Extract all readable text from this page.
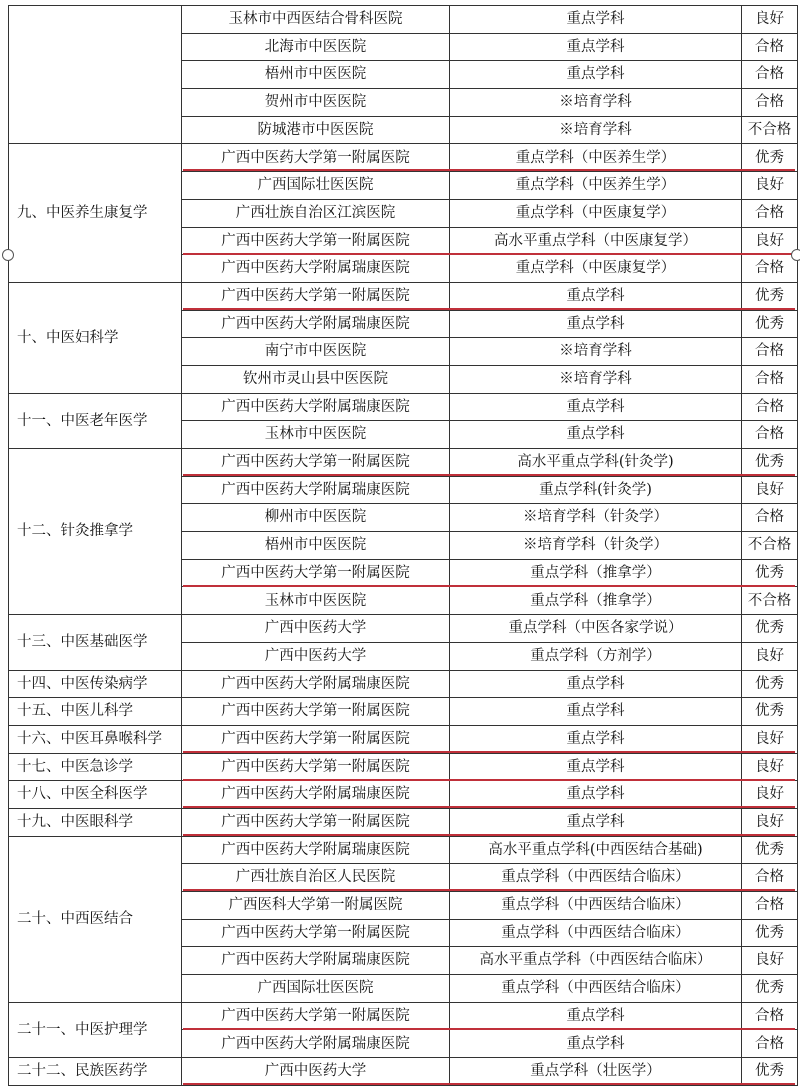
	玉林市中西医结合骨科医院	重点学科	良好
	北海市中医医院	重点学科	合格
	梧州市中医医院	重点学科	合格
	贺州市中医医院	※培育学科	合格
	防城港市中医医院	※培育学科	不合格
九、中医养生康复学	广西中医药大学第一附属医院	重点学科（中医养生学）	优秀
	广西国际壮医医院	重点学科（中医养生学）	良好
	广西壮族自治区江滨医院	重点学科（中医康复学）	合格
	广西中医药大学第一附属医院	高水平重点学科（中医康复学）	良好
	广西中医药大学附属瑞康医院	重点学科（中医康复学）	合格
十、中医妇科学	广西中医药大学第一附属医院	重点学科	优秀
	广西中医药大学附属瑞康医院	重点学科	优秀
	南宁市中医医院	※培育学科	合格
	钦州市灵山县中医医院	※培育学科	合格
十一、中医老年医学	广西中医药大学附属瑞康医院	重点学科	合格
	玉林市中医医院	重点学科	合格
十二、针灸推拿学	广西中医药大学第一附属医院	高水平重点学科(针灸学)	优秀
	广西中医药大学附属瑞康医院	重点学科(针灸学)	良好
	柳州市中医医院	※培育学科（针灸学）	合格
	梧州市中医医院	※培育学科（针灸学）	不合格
	广西中医药大学第一附属医院	重点学科（推拿学）	优秀
	玉林市中医医院	重点学科（推拿学）	不合格
十三、中医基础医学	广西中医药大学	重点学科（中医各家学说）	优秀
	广西中医药大学	重点学科（方剂学）	良好
十四、中医传染病学	广西中医药大学附属瑞康医院	重点学科	优秀
十五、中医儿科学	广西中医药大学第一附属医院	重点学科	优秀
十六、中医耳鼻喉科学	广西中医药大学第一附属医院	重点学科	良好
十七、中医急诊学	广西中医药大学第一附属医院	重点学科	良好
十八、中医全科医学	广西中医药大学附属瑞康医院	重点学科	良好
十九、中医眼科学	广西中医药大学第一附属医院	重点学科	良好
二十、中西医结合	广西中医药大学附属瑞康医院	高水平重点学科(中西医结合基础)	优秀
	广西壮族自治区人民医院	重点学科（中西医结合临床）	合格
	广西医科大学第一附属医院	重点学科（中西医结合临床）	合格
	广西中医药大学第一附属医院	重点学科（中西医结合临床）	优秀
	广西中医药大学附属瑞康医院	高水平重点学科（中西医结合临床）	良好
	广西国际壮医医院	重点学科（中西医结合临床）	优秀
二十一、中医护理学	广西中医药大学第一附属医院	重点学科	合格
	广西中医药大学附属瑞康医院	重点学科	合格
二十二、民族医药学	广西中医药大学	重点学科（壮医学）	优秀
